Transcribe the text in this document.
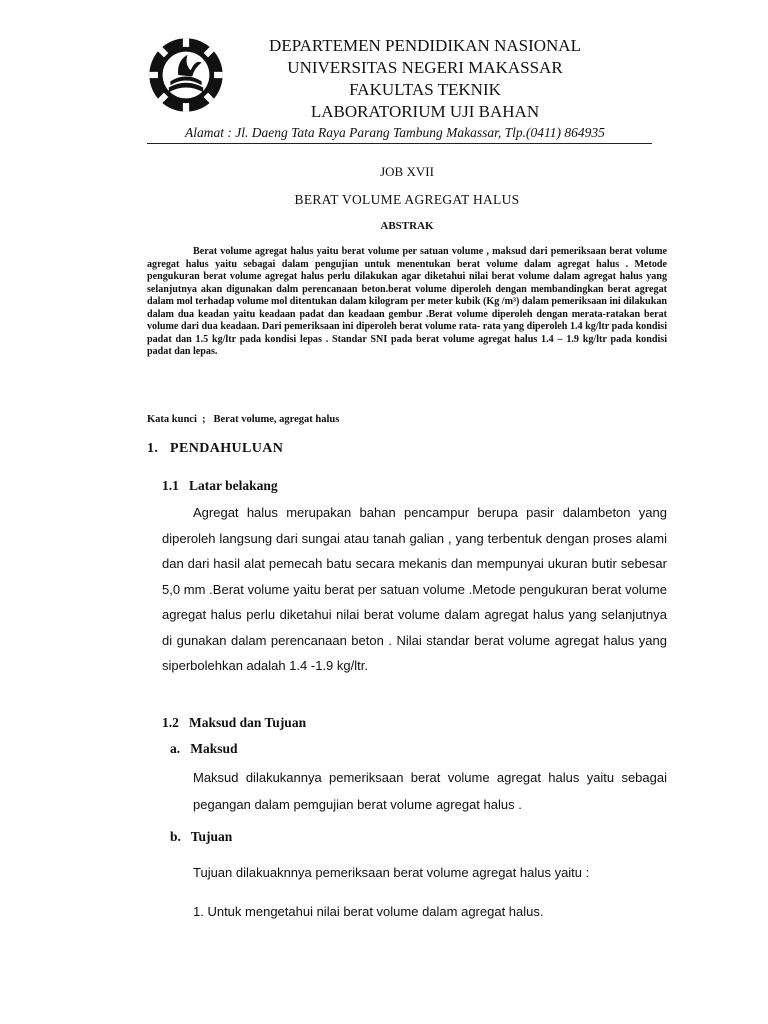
DEPARTEMEN PENDIDIKAN NASIONAL
UNIVERSITAS NEGERI MAKASSAR
FAKULTAS TEKNIK
LABORATORIUM UJI BAHAN
Alamat : Jl. Daeng Tata Raya Parang Tambung Makassar, Tlp.(0411) 864935
JOB XVII
BERAT VOLUME AGREGAT HALUS
ABSTRAK
Berat volume agregat halus yaitu berat volume per satuan volume , maksud dari pemeriksaan berat volume agregat halus yaitu sebagai dalam pengujian untuk menentukan berat volume dalam agregat halus . Metode pengukuran berat volume agregat halus perlu dilakukan agar diketahui nilai berat volume dalam agregat halus yang selanjutnya akan digunakan dalm perencanaan beton.berat volume diperoleh dengan membandingkan berat agregat dalam mol terhadap volume mol ditentukan dalam kilogram per meter kubik (Kg /m³) dalam pemeriksaan ini dilakukan dalam dua keadan yaitu keadaan padat dan keadaan gembur .Berat volume diperoleh dengan merata-ratakan berat volume dari dua keadaan. Dari pemeriksaan ini diperoleh berat volume rata- rata yang diperoleh 1.4 kg/ltr pada kondisi padat dan 1.5 kg/ltr pada kondisi lepas . Standar SNI pada berat volume agregat halus 1.4 – 1.9 kg/ltr pada kondisi padat dan lepas.
Kata kunci  ;   Berat volume, agregat halus
1.   PENDAHULUAN
1.1   Latar belakang
Agregat halus merupakan bahan pencampur berupa pasir dalambeton yang diperoleh langsung dari sungai atau tanah galian , yang terbentuk dengan proses alami dan dari hasil alat pemecah batu secara mekanis dan mempunyai ukuran butir sebesar 5,0 mm .Berat volume yaitu berat per satuan volume .Metode pengukuran berat volume agregat halus perlu diketahui nilai berat volume dalam agregat halus yang selanjutnya di gunakan dalam perencanaan beton . Nilai standar berat volume agregat halus yang siperbolehkan adalah 1.4 -1.9 kg/ltr.
1.2   Maksud dan Tujuan
a.   Maksud
Maksud dilakukannya pemeriksaan berat volume agregat halus yaitu sebagai pegangan dalam pemgujian berat volume agregat halus .
b.   Tujuan
Tujuan dilakuaknnya pemeriksaan berat volume agregat halus yaitu :
1. Untuk mengetahui nilai berat volume dalam agregat halus.
